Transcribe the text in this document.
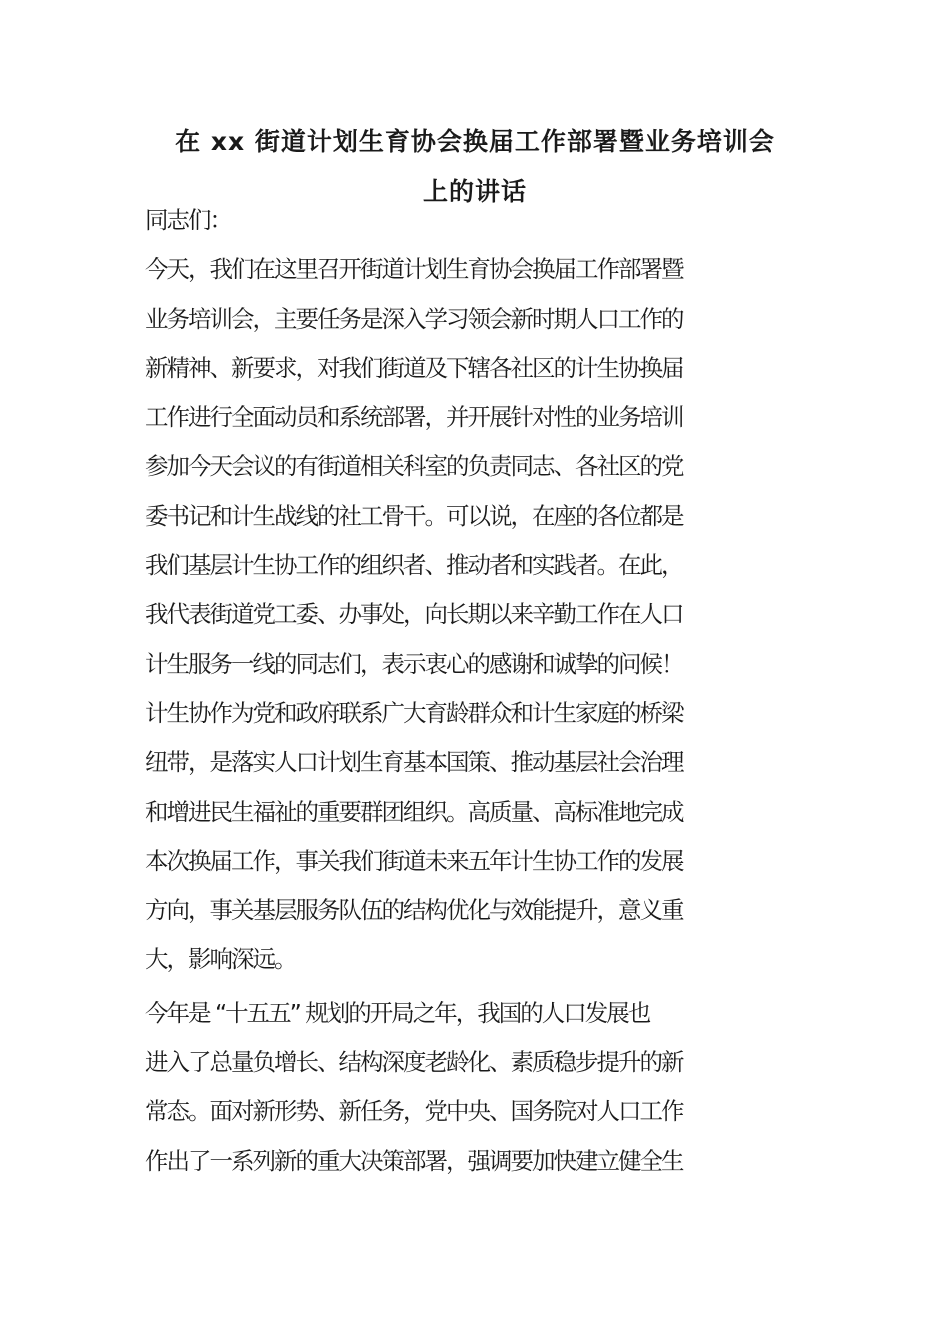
在 xx 街道计划生育协会换届工作部署暨业务培训会
上的讲话
同志们：
今天，我们在这里召开街道计划生育协会换届工作部署暨
业务培训会，主要任务是深入学习领会新时期人口工作的
新精神、新要求，对我们街道及下辖各社区的计生协换届
工作进行全面动员和系统部署，并开展针对性的业务培训
参加今天会议的有街道相关科室的负责同志、各社区的党
委书记和计生战线的社工骨干。可以说，在座的各位都是
我们基层计生协工作的组织者、推动者和实践者。在此，
我代表街道党工委、办事处，向长期以来辛勤工作在人口
计生服务一线的同志们，表示衷心的感谢和诚挚的问候！
计生协作为党和政府联系广大育龄群众和计生家庭的桥梁
纽带，是落实人口计划生育基本国策、推动基层社会治理
和增进民生福祉的重要群团组织。高质量、高标准地完成
本次换届工作，事关我们街道未来五年计生协工作的发展
方向，事关基层服务队伍的结构优化与效能提升，意义重
大，影响深远。
今年是 “十五五” 规划的开局之年，我国的人口发展也
进入了总量负增长、结构深度老龄化、素质稳步提升的新
常态。面对新形势、新任务，党中央、国务院对人口工作
作出了一系列新的重大决策部署，强调要加快建立健全生
